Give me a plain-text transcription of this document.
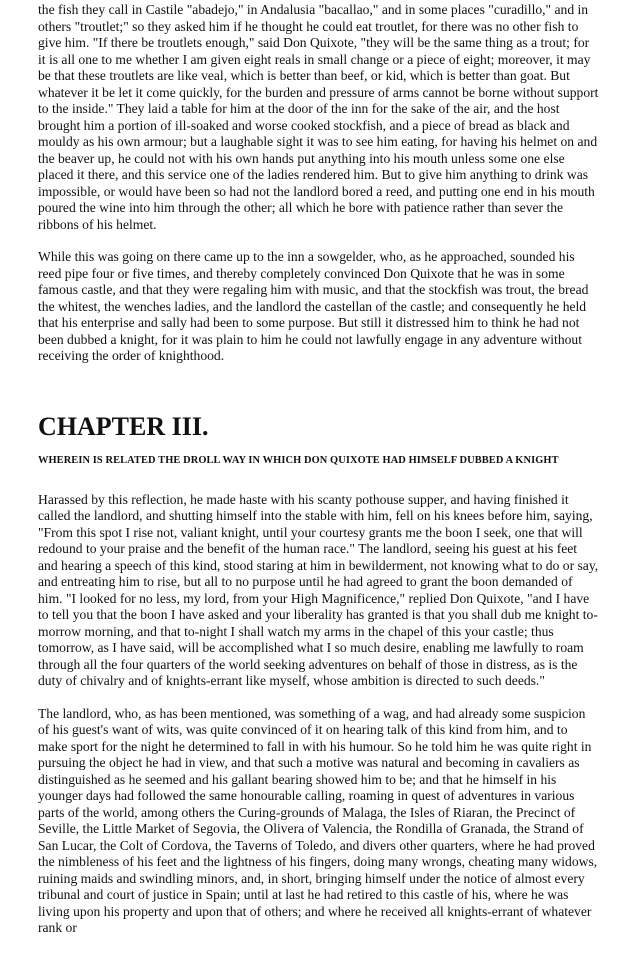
the fish they call in Castile "abadejo," in Andalusia "bacallao," and in some places "curadillo," and in others "troutlet;" so they asked him if he thought he could eat troutlet, for there was no other fish to give him. "If there be troutlets enough," said Don Quixote, "they will be the same thing as a trout; for it is all one to me whether I am given eight reals in small change or a piece of eight; moreover, it may be that these troutlets are like veal, which is better than beef, or kid, which is better than goat. But whatever it be let it come quickly, for the burden and pressure of arms cannot be borne without support to the inside." They laid a table for him at the door of the inn for the sake of the air, and the host brought him a portion of ill-soaked and worse cooked stockfish, and a piece of bread as black and mouldy as his own armour; but a laughable sight it was to see him eating, for having his helmet on and the beaver up, he could not with his own hands put anything into his mouth unless some one else placed it there, and this service one of the ladies rendered him. But to give him anything to drink was impossible, or would have been so had not the landlord bored a reed, and putting one end in his mouth poured the wine into him through the other; all which he bore with patience rather than sever the ribbons of his helmet.

While this was going on there came up to the inn a sowgelder, who, as he approached, sounded his reed pipe four or five times, and thereby completely convinced Don Quixote that he was in some famous castle, and that they were regaling him with music, and that the stockfish was trout, the bread the whitest, the wenches ladies, and the landlord the castellan of the castle; and consequently he held that his enterprise and sally had been to some purpose. But still it distressed him to think he had not been dubbed a knight, for it was plain to him he could not lawfully engage in any adventure without receiving the order of knighthood.

CHAPTER III.
WHEREIN IS RELATED THE DROLL WAY IN WHICH DON QUIXOTE HAD HIMSELF DUBBED A KNIGHT

Harassed by this reflection, he made haste with his scanty pothouse supper, and having finished it called the landlord, and shutting himself into the stable with him, fell on his knees before him, saying, "From this spot I rise not, valiant knight, until your courtesy grants me the boon I seek, one that will redound to your praise and the benefit of the human race." The landlord, seeing his guest at his feet and hearing a speech of this kind, stood staring at him in bewilderment, not knowing what to do or say, and entreating him to rise, but all to no purpose until he had agreed to grant the boon demanded of him. "I looked for no less, my lord, from your High Magnificence," replied Don Quixote, "and I have to tell you that the boon I have asked and your liberality has granted is that you shall dub me knight to-morrow morning, and that to-night I shall watch my arms in the chapel of this your castle; thus tomorrow, as I have said, will be accomplished what I so much desire, enabling me lawfully to roam through all the four quarters of the world seeking adventures on behalf of those in distress, as is the duty of chivalry and of knights-errant like myself, whose ambition is directed to such deeds."

The landlord, who, as has been mentioned, was something of a wag, and had already some suspicion of his guest's want of wits, was quite convinced of it on hearing talk of this kind from him, and to make sport for the night he determined to fall in with his humour. So he told him he was quite right in pursuing the object he had in view, and that such a motive was natural and becoming in cavaliers as distinguished as he seemed and his gallant bearing showed him to be; and that he himself in his younger days had followed the same honourable calling, roaming in quest of adventures in various parts of the world, among others the Curing-grounds of Malaga, the Isles of Riaran, the Precinct of Seville, the Little Market of Segovia, the Olivera of Valencia, the Rondilla of Granada, the Strand of San Lucar, the Colt of Cordova, the Taverns of Toledo, and divers other quarters, where he had proved the nimbleness of his feet and the lightness of his fingers, doing many wrongs, cheating many widows, ruining maids and swindling minors, and, in short, bringing himself under the notice of almost every tribunal and court of justice in Spain; until at last he had retired to this castle of his, where he was living upon his property and upon that of others; and where he received all knights-errant of whatever rank or
